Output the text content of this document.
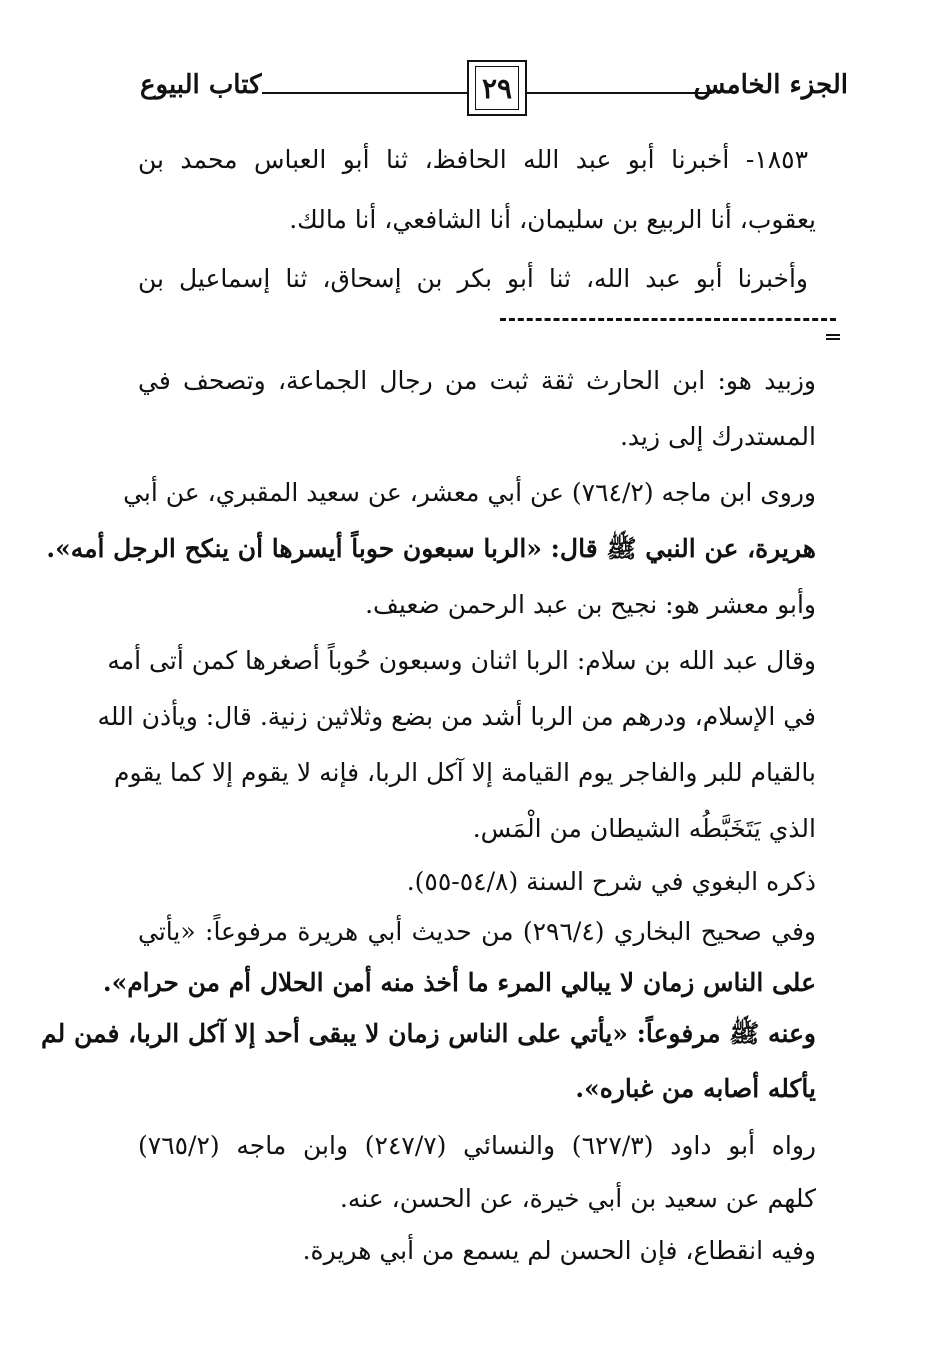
الجزء الخامس
٢٩
كتاب البيوع
١٨٥٣- أخبرنا أبو عبد الله الحافظ، ثنا أبو العباس محمد بن
يعقوب، أنا الربيع بن سليمان، أنا الشافعي، أنا مالك.
وأخبرنا أبو عبد الله، ثنا أبو بكر بن إسحاق، ثنا إسماعيل بن
وزبيد هو: ابن الحارث ثقة ثبت من رجال الجماعة، وتصحف في
المستدرك إلى زيد.
وروى ابن ماجه (٧٦٤/٢) عن أبي معشر، عن سعيد المقبري، عن أبي
هريرة، عن النبي ﷺ قال: «الربا سبعون حوباً أيسرها أن ينكح الرجل أمه».
وأبو معشر هو: نجيح بن عبد الرحمن ضعيف.
وقال عبد الله بن سلام: الربا اثنان وسبعون حُوباً أصغرها كمن أتى أمه
في الإسلام، ودرهم من الربا أشد من بضع وثلاثين زنية. قال: ويأذن الله
بالقيام للبر والفاجر يوم القيامة إلا آكل الربا، فإنه لا يقوم إلا كما يقوم
الذي يَتَخَبَّطُه الشيطان من الْمَس.
ذكره البغوي في شرح السنة (٥٤/٨-٥٥).
وفي صحيح البخاري (٢٩٦/٤) من حديث أبي هريرة مرفوعاً: «يأتي
على الناس زمان لا يبالي المرء ما أخذ منه أمن الحلال أم من حرام».
وعنه ﷺ مرفوعاً: «يأتي على الناس زمان لا يبقى أحد إلا آكل الربا، فمن لم
يأكله أصابه من غباره».
رواه أبو داود (٦٢٧/٣) والنسائي (٢٤٧/٧) وابن ماجه (٧٦٥/٢)
كلهم عن سعيد بن أبي خيرة، عن الحسن، عنه.
وفيه انقطاع، فإن الحسن لم يسمع من أبي هريرة.
